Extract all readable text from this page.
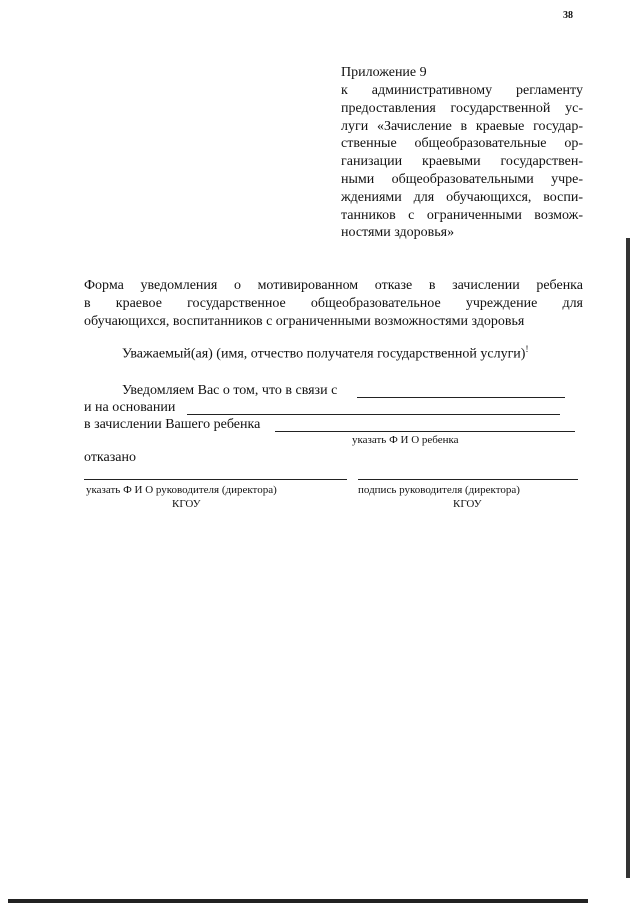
38
Приложение 9
к административному регламенту
предоставления государственной ус-
луги «Зачисление в краевые государ-
ственные общеобразовательные ор-
ганизации краевыми государствен-
ными общеобразовательными учре-
ждениями для обучающихся, воспи-
танников с ограниченными возмож-
ностями здоровья»
Форма уведомления о мотивированном отказе в зачислении ребенка
в краевое государственное общеобразовательное учреждение для
обучающихся, воспитанников с ограниченными возможностями здоровья
Уважаемый(ая) (имя, отчество получателя государственной услуги)!
Уведомляем Вас о том, что в связи с
и на основании
в зачислении Вашего ребенка
указать Ф И О ребенка
отказано
указать Ф И О руководителя (директора)
КГОУ
подпись руководителя (директора)
КГОУ
